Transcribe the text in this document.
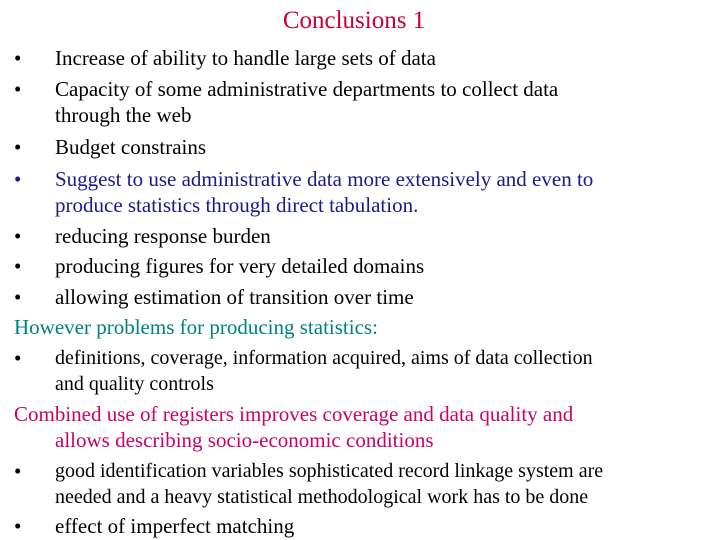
Conclusions 1
• Increase of ability to handle large sets of data
• Capacity of some administrative departments to collect data
through the web
• Budget constrains
• Suggest to use administrative data more extensively and even to
produce statistics through direct tabulation.
• reducing response burden
• producing figures for very detailed domains
• allowing estimation of transition over time
However problems for producing statistics:
• definitions, coverage, information acquired, aims of data collection
and quality controls
Combined use of registers improves coverage and data quality and
allows describing socio-economic conditions
• good identification variables sophisticated record linkage system are
needed and a heavy statistical methodological work has to be done
• effect of imperfect matching
